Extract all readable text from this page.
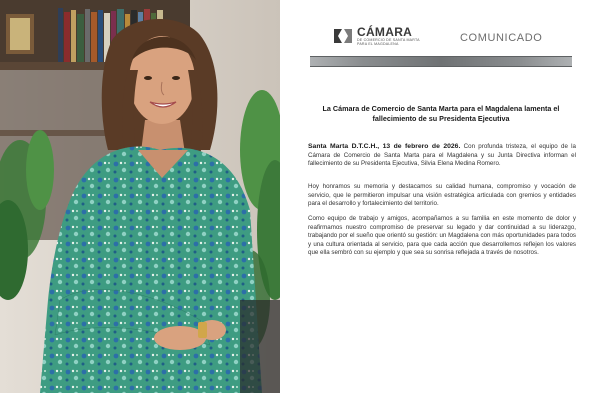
CÁMARA
DE COMERCIO DE SANTA MARTA
PARA EL MAGDALENA
COMUNICADO
La Cámara de Comercio de Santa Marta para el Magdalena lamenta el
fallecimiento de su Presidenta Ejecutiva

Santa Marta D.T.C.H., 13 de febrero de 2026. Con profunda tristeza, el equipo de la Cámara de Comercio de Santa Marta para el Magdalena y su Junta Directiva informan el fallecimiento de su Presidenta Ejecutiva, Silvia Elena Medina Romero.

Hoy honramos su memoria y destacamos su calidad humana, compromiso y vocación de servicio, que le permitieron impulsar una visión estratégica articulada con gremios y entidades para el desarrollo y fortalecimiento del territorio.

Como equipo de trabajo y amigos, acompañamos a su familia en este momento de dolor y reafirmamos nuestro compromiso de preservar su legado y dar continuidad a su liderazgo, trabajando por el sueño que orientó su gestión: un Magdalena con más oportunidades para todos y una cultura orientada al servicio, para que cada acción que desarrollemos reflejen los valores que ella sembró con su ejemplo y que sea su sonrisa reflejada a través de nosotros.
